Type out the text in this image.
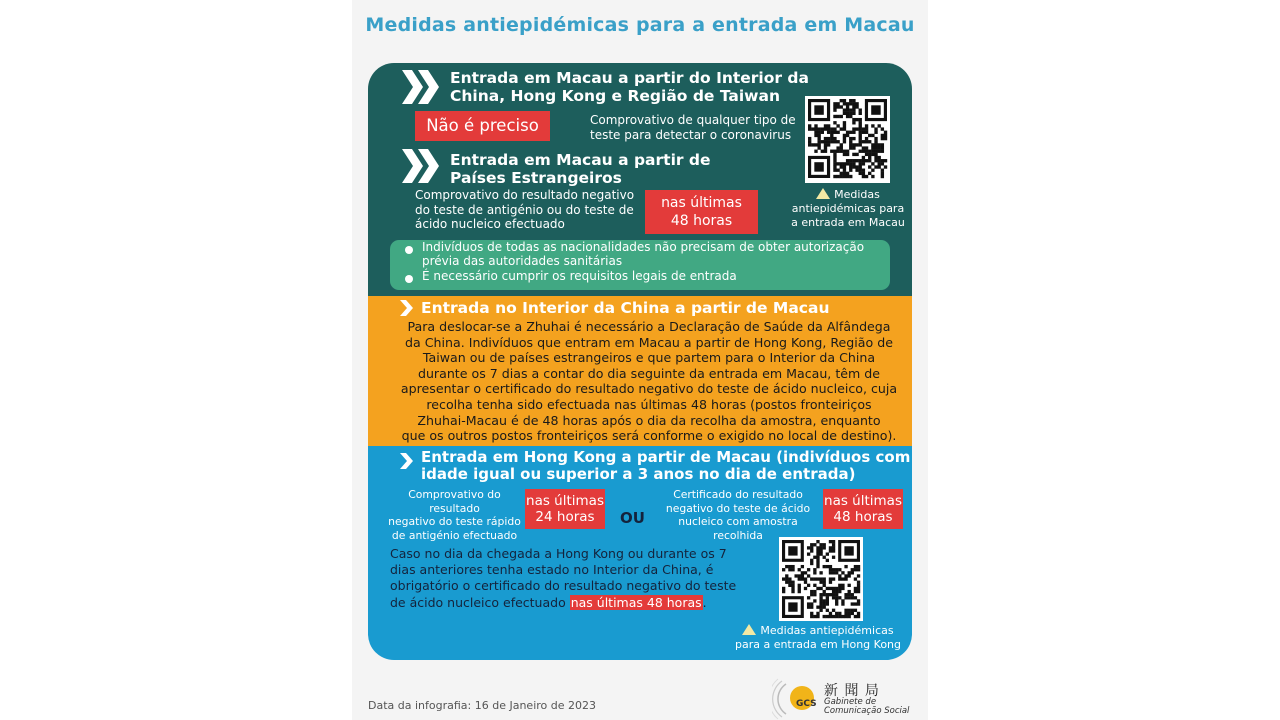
Medidas antiepidémicas para a entrada em Macau
Entrada em Macau a partir do Interior da
China, Hong Kong e Região de Taiwan
Não é preciso	Comprovativo de qualquer tipo de
teste para detectar o coronavirus
Entrada em Macau a partir de
Países Estrangeiros
Comprovativo do resultado negativo
do teste de antigénio ou do teste de
ácido nucleico efectuado
nas últimas
48 horas
Medidas
antiepidémicas para
a entrada em Macau
Indivíduos de todas as nacionalidades não precisam de obter autorização
prévia das autoridades sanitárias
É necessário cumprir os requisitos legais de entrada
Entrada no Interior da China a partir de Macau
Para deslocar-se a Zhuhai é necessário a Declaração de Saúde da Alfândega
da China. Indivíduos que entram em Macau a partir de Hong Kong, Região de
Taiwan ou de países estrangeiros e que partem para o Interior da China
durante os 7 dias a contar do dia seguinte da entrada em Macau, têm de
apresentar o certificado do resultado negativo do teste de ácido nucleico, cuja
recolha tenha sido efectuada nas últimas 48 horas (postos fronteiriços
Zhuhai-Macau é de 48 horas após o dia da recolha da amostra, enquanto
que os outros postos fronteiriços será conforme o exigido no local de destino).
Entrada em Hong Kong a partir de Macau (indivíduos com
idade igual ou superior a 3 anos no dia de entrada)
Comprovativo do resultado
negativo do teste rápido
de antigénio efectuado
nas últimas
24 horas	OU
Certificado do resultado
negativo do teste de ácido
nucleico com amostra recolhida
nas últimas
48 horas
Caso no dia da chegada a Hong Kong ou durante os 7
dias anteriores tenha estado no Interior da China, é
obrigatório o certificado do resultado negativo do teste
de ácido nucleico efectuado nas últimas 48 horas.
Medidas antiepidémicas
para a entrada em Hong Kong
Data da infografia: 16 de Janeiro de 2023	GCS
新 聞 局
Gabinete de
Comunicação Social
